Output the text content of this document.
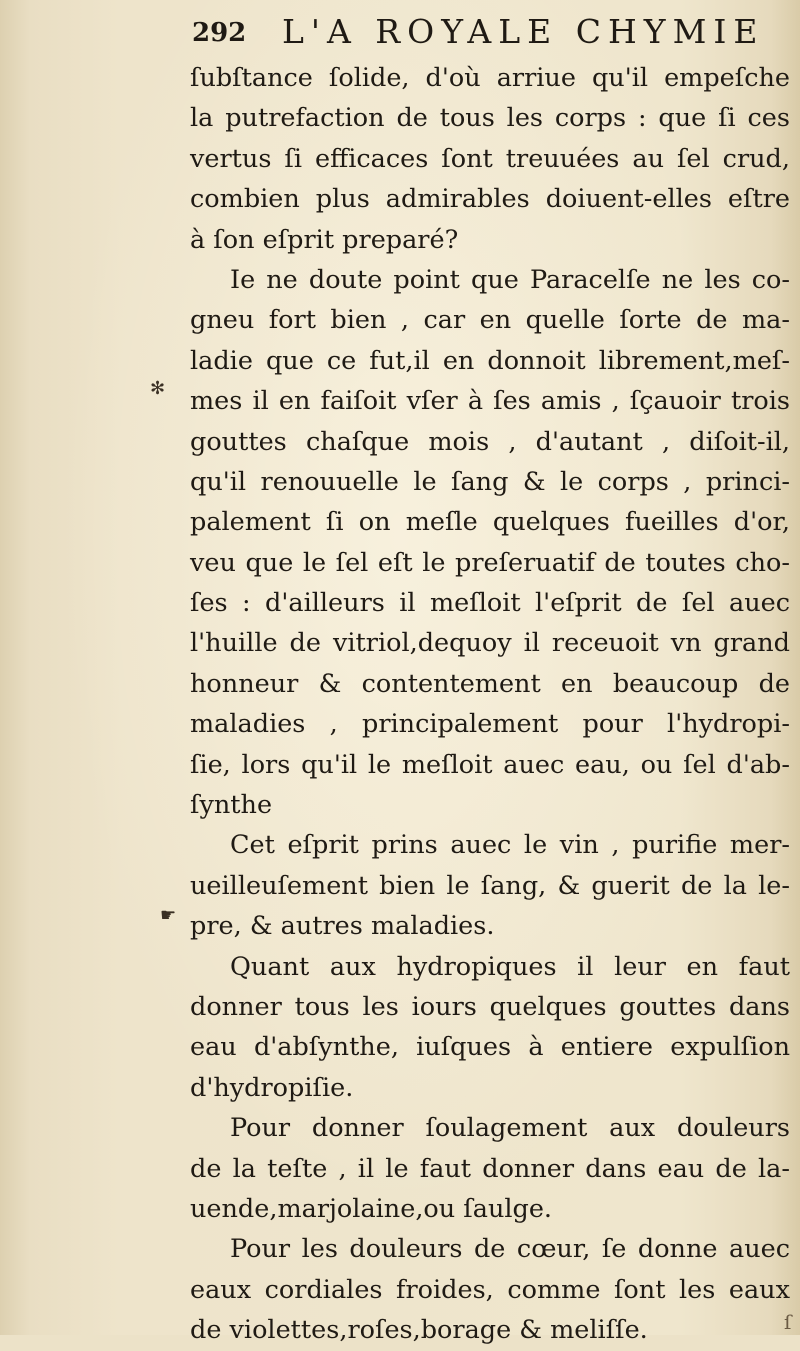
292 L'A ROYALE CHYMIE
ſubſtance ſolide, d'où arriue qu'il empeſche
la putrefaction de tous les corps : que ſi ces
vertus ſi efficaces ſont treuuées au ſel crud,
combien plus admirables doiuent-elles eſtre
à ſon eſprit preparé?
Ie ne doute point que Paracelſe ne les co-
gneu fort bien , car en quelle ſorte de ma-
ladie que ce fut,il en donnoit librement,meſ-
mes il en faiſoit vſer à ſes amis , ſçauoir trois
gouttes chaſque mois , d'autant , diſoit-il,
qu'il renouuelle le ſang & le corps , princi-
palement ſi on meſle quelques fueilles d'or,
veu que le ſel eſt le preſeruatif de toutes cho-
ſes : d'ailleurs il meſloit l'eſprit de ſel auec
l'huille de vitriol,dequoy il receuoit vn grand
honneur & contentement en beaucoup de
maladies , principalement pour l'hydropi-
ſie, lors qu'il le meſloit auec eau, ou ſel d'ab-
ſynthe
Cet eſprit prins auec le vin , purifie mer-
ueilleuſement bien le ſang, & guerit de la le-
pre, & autres maladies.
Quant aux hydropiques il leur en faut
donner tous les iours quelques gouttes dans
eau d'abſynthe, iuſques à entiere expulſion
d'hydropiſie.
Pour donner ſoulagement aux douleurs
de la teſte , il le faut donner dans eau de la-
uende,marjolaine,ou ſaulge.
Pour les douleurs de cœur, ſe donne auec
eaux cordiales froides, comme ſont les eaux
de violettes,roſes,borage & meliſſe.
✻
☛
ſ
